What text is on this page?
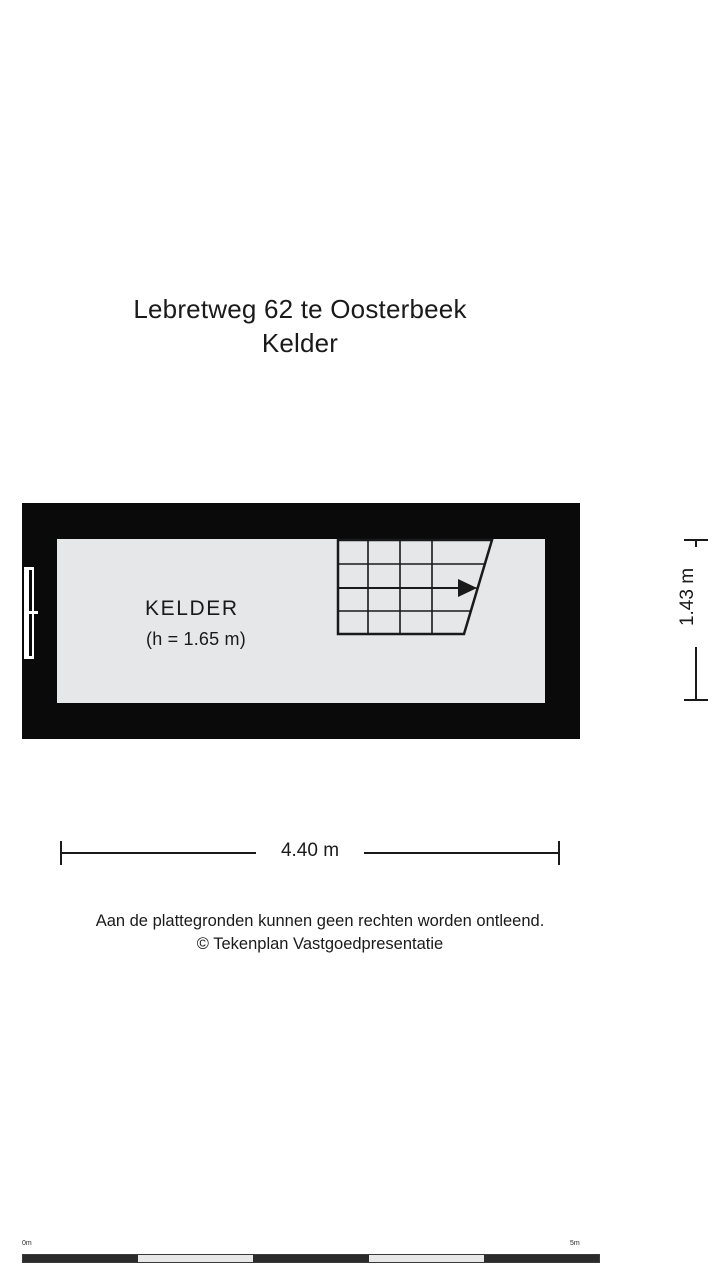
Lebretweg 62 te Oosterbeek
Kelder
KELDER
(h = 1.65 m)
1.43 m
4.40 m
Aan de plattegronden kunnen geen rechten worden ontleend.
© Tekenplan Vastgoedpresentatie
0m	5m
